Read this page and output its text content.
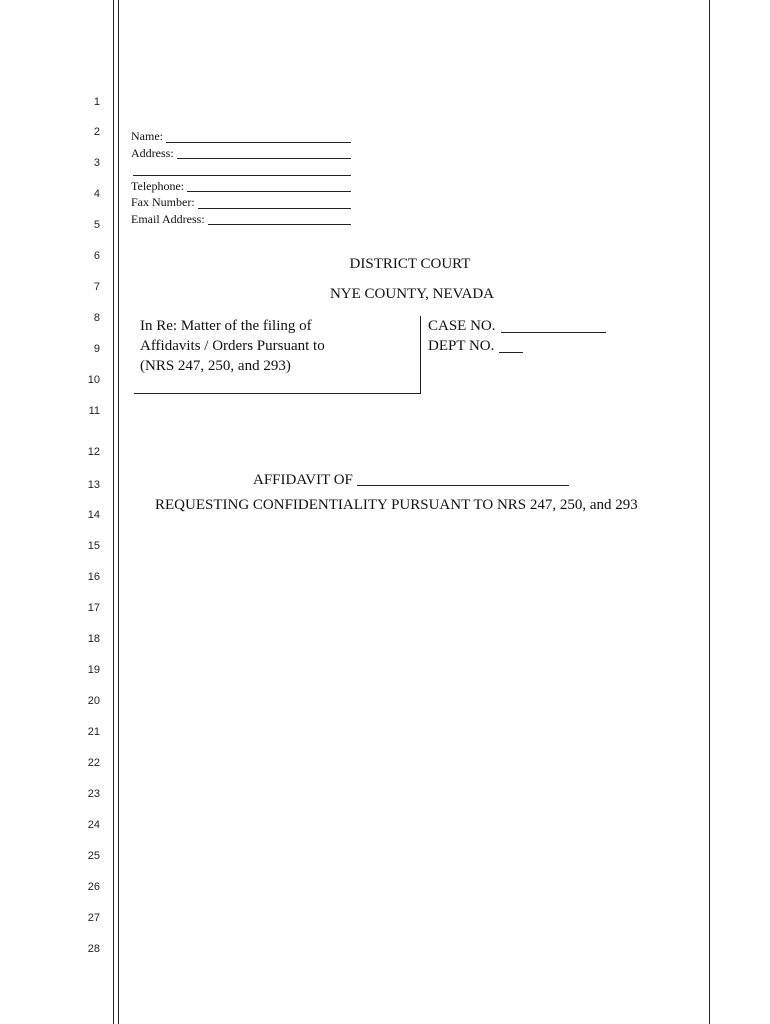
1
2
3
4
5
6
7
8
9
10
11
12
13
14
15
16
17
18
19
20
21
22
23
24
25
26
27
28
Name:
Address:
Telephone:
Fax Number:
Email Address:
DISTRICT COURT
NYE COUNTY, NEVADA
In Re: Matter of the filing of
Affidavits / Orders Pursuant to
(NRS 247, 250, and 293)
CASE NO.
DEPT NO.
AFFIDAVIT OF
REQUESTING CONFIDENTIALITY PURSUANT TO NRS 247, 250, and 293
